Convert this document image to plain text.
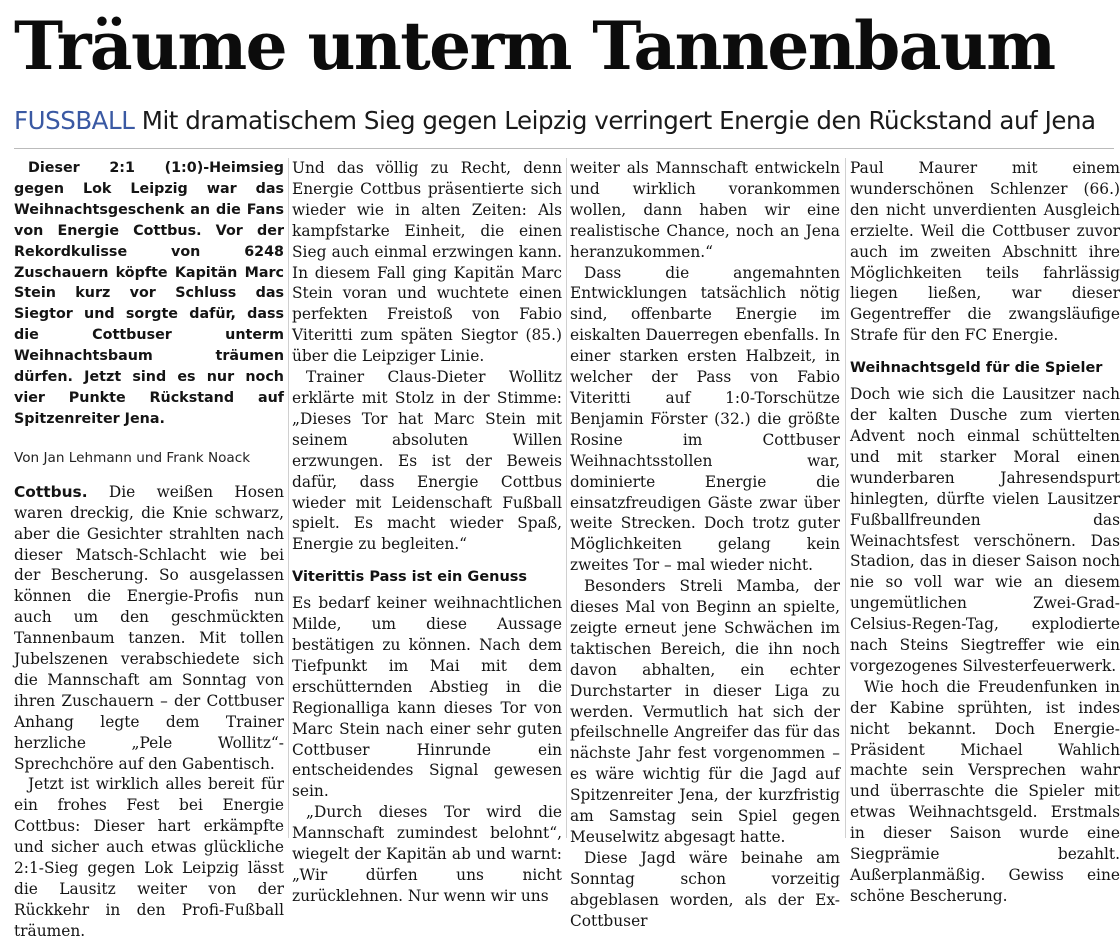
Träume unterm Tannenbaum
FUSSBALL Mit dramatischem Sieg gegen Leipzig verringert Energie den Rückstand auf Jena

Dieser 2:1 (1:0)-Heimsieg gegen Lok Leipzig war das Weihnachtsgeschenk an die Fans von Energie Cottbus. Vor der Rekordkulisse von 6248 Zuschauern köpfte Kapitän Marc Stein kurz vor Schluss das Siegtor und sorgte dafür, dass die Cottbuser unterm Weihnachtsbaum träumen dürfen. Jetzt sind es nur noch vier Punkte Rückstand auf Spitzenreiter Jena.

Von Jan Lehmann und Frank Noack

Cottbus. Die weißen Hosen waren dreckig, die Knie schwarz, aber die Gesichter strahlten nach dieser Matsch-Schlacht wie bei der Bescherung. So ausgelassen können die Energie-Profis nun auch um den geschmückten Tannenbaum tanzen. Mit tollen Jubelszenen verabschiedete sich die Mannschaft am Sonntag von ihren Zuschauern – der Cottbuser Anhang legte dem Trainer herzliche „Pele Wollitz“-Sprechchöre auf den Gabentisch.

Jetzt ist wirklich alles bereit für ein frohes Fest bei Energie Cottbus: Dieser hart erkämpfte und sicher auch etwas glückliche 2:1-Sieg gegen Lok Leipzig lässt die Lausitz weiter von der Rückkehr in den Profi-Fußball träumen.

Und das völlig zu Recht, denn Energie Cottbus präsentierte sich wieder wie in alten Zeiten: Als kampfstarke Einheit, die einen Sieg auch einmal erzwingen kann. In diesem Fall ging Kapitän Marc Stein voran und wuchtete einen perfekten Freistoß von Fabio Viteritti zum späten Siegtor (85.) über die Leipziger Linie.

Trainer Claus-Dieter Wollitz erklärte mit Stolz in der Stimme: „Dieses Tor hat Marc Stein mit seinem absoluten Willen erzwungen. Es ist der Beweis dafür, dass Energie Cottbus wieder mit Leidenschaft Fußball spielt. Es macht wieder Spaß, Energie zu begleiten.“

Viterittis Pass ist ein Genuss

Es bedarf keiner weihnachtlichen Milde, um diese Aussage bestätigen zu können. Nach dem Tiefpunkt im Mai mit dem erschütternden Abstieg in die Regionalliga kann dieses Tor von Marc Stein nach einer sehr guten Cottbuser Hinrunde ein entscheidendes Signal gewesen sein.

„Durch dieses Tor wird die Mannschaft zumindest belohnt“, wiegelt der Kapitän ab und warnt: „Wir dürfen uns nicht zurücklehnen. Nur wenn wir uns

weiter als Mannschaft entwickeln und wirklich vorankommen wollen, dann haben wir eine realistische Chance, noch an Jena heranzukommen.“

Dass die angemahnten Entwicklungen tatsächlich nötig sind, offenbarte Energie im eiskalten Dauerregen ebenfalls. In einer starken ersten Halbzeit, in welcher der Pass von Fabio Viteritti auf 1:0-Torschütze Benjamin Förster (32.) die größte Rosine im Cottbuser Weihnachtsstollen war, dominierte Energie die einsatzfreudigen Gäste zwar über weite Strecken. Doch trotz guter Möglichkeiten gelang kein zweites Tor – mal wieder nicht.

Besonders Streli Mamba, der dieses Mal von Beginn an spielte, zeigte erneut jene Schwächen im taktischen Bereich, die ihn noch davon abhalten, ein echter Durchstarter in dieser Liga zu werden. Vermutlich hat sich der pfeilschnelle Angreifer das für das nächste Jahr fest vorgenommen – es wäre wichtig für die Jagd auf Spitzenreiter Jena, der kurzfristig am Samstag sein Spiel gegen Meuselwitz abgesagt hatte.

Diese Jagd wäre beinahe am Sonntag schon vorzeitig abgeblasen worden, als der Ex-Cottbuser

Paul Maurer mit einem wunderschönen Schlenzer (66.) den nicht unverdienten Ausgleich erzielte. Weil die Cottbuser zuvor auch im zweiten Abschnitt ihre Möglichkeiten teils fahrlässig liegen ließen, war dieser Gegentreffer die zwangsläufige Strafe für den FC Energie.

Weihnachtsgeld für die Spieler

Doch wie sich die Lausitzer nach der kalten Dusche zum vierten Advent noch einmal schüttelten und mit starker Moral einen wunderbaren Jahresendspurt hinlegten, dürfte vielen Lausitzer Fußballfreunden das Weinachtsfest verschönern. Das Stadion, das in dieser Saison noch nie so voll war wie an diesem ungemütlichen Zwei-Grad-Celsius-Regen-Tag, explodierte nach Steins Siegtreffer wie ein vorgezogenes Silvesterfeuerwerk.

Wie hoch die Freudenfunken in der Kabine sprühten, ist indes nicht bekannt. Doch Energie-Präsident Michael Wahlich machte sein Versprechen wahr und überraschte die Spieler mit etwas Weihnachtsgeld. Erstmals in dieser Saison wurde eine Siegprämie bezahlt. Außerplanmäßig. Gewiss eine schöne Bescherung.
